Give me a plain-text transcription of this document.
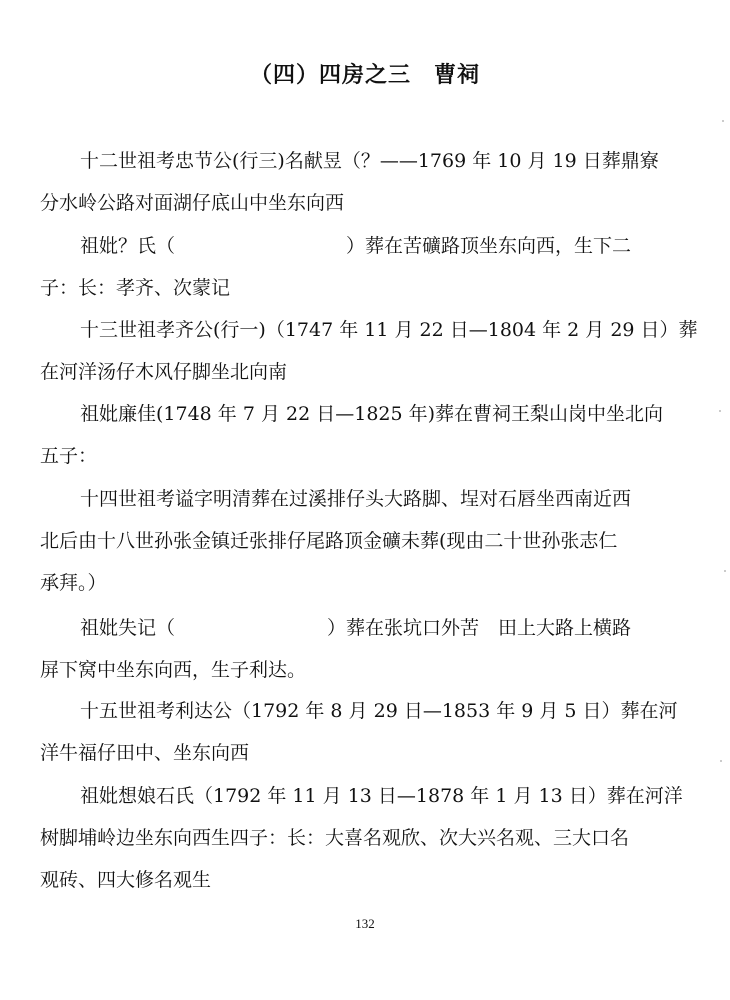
（四）四房之三　曹祠
十二世祖考忠节公(行三)名献昱（？——1769 年 10 月 19 日葬鼎寮
分水岭公路对面湖仔底山中坐东向西
祖妣？氏（　　　　　　　　　）葬在苦礦路顶坐东向西，生下二
子：长：孝齐、次蒙记
十三世祖孝齐公(行一)（1747 年 11 月 22 日—1804 年 2 月 29 日）葬
在河洋汤仔木风仔脚坐北向南
祖妣廉佳(1748 年 7 月 22 日—1825 年)葬在曹祠王梨山岗中坐北向
五子：
十四世祖考谥字明清葬在过溪排仔头大路脚、埕对石唇坐西南近西
北后由十八世孙张金镇迁张排仔尾路顶金礦未葬(现由二十世孙张志仁
承拜。）
祖妣失记（　　　　　　　　）葬在张坑口外苦　田上大路上横路
屏下窝中坐东向西，生子利达。
十五世祖考利达公（1792 年 8 月 29 日—1853 年 9 月 5 日）葬在河
洋牛福仔田中、坐东向西
祖妣想娘石氏（1792 年 11 月 13 日—1878 年 1 月 13 日）葬在河洋
树脚埔岭边坐东向西生四子：长：大喜名观欣、次大兴名观、三大口名
观砖、四大修名观生
132
